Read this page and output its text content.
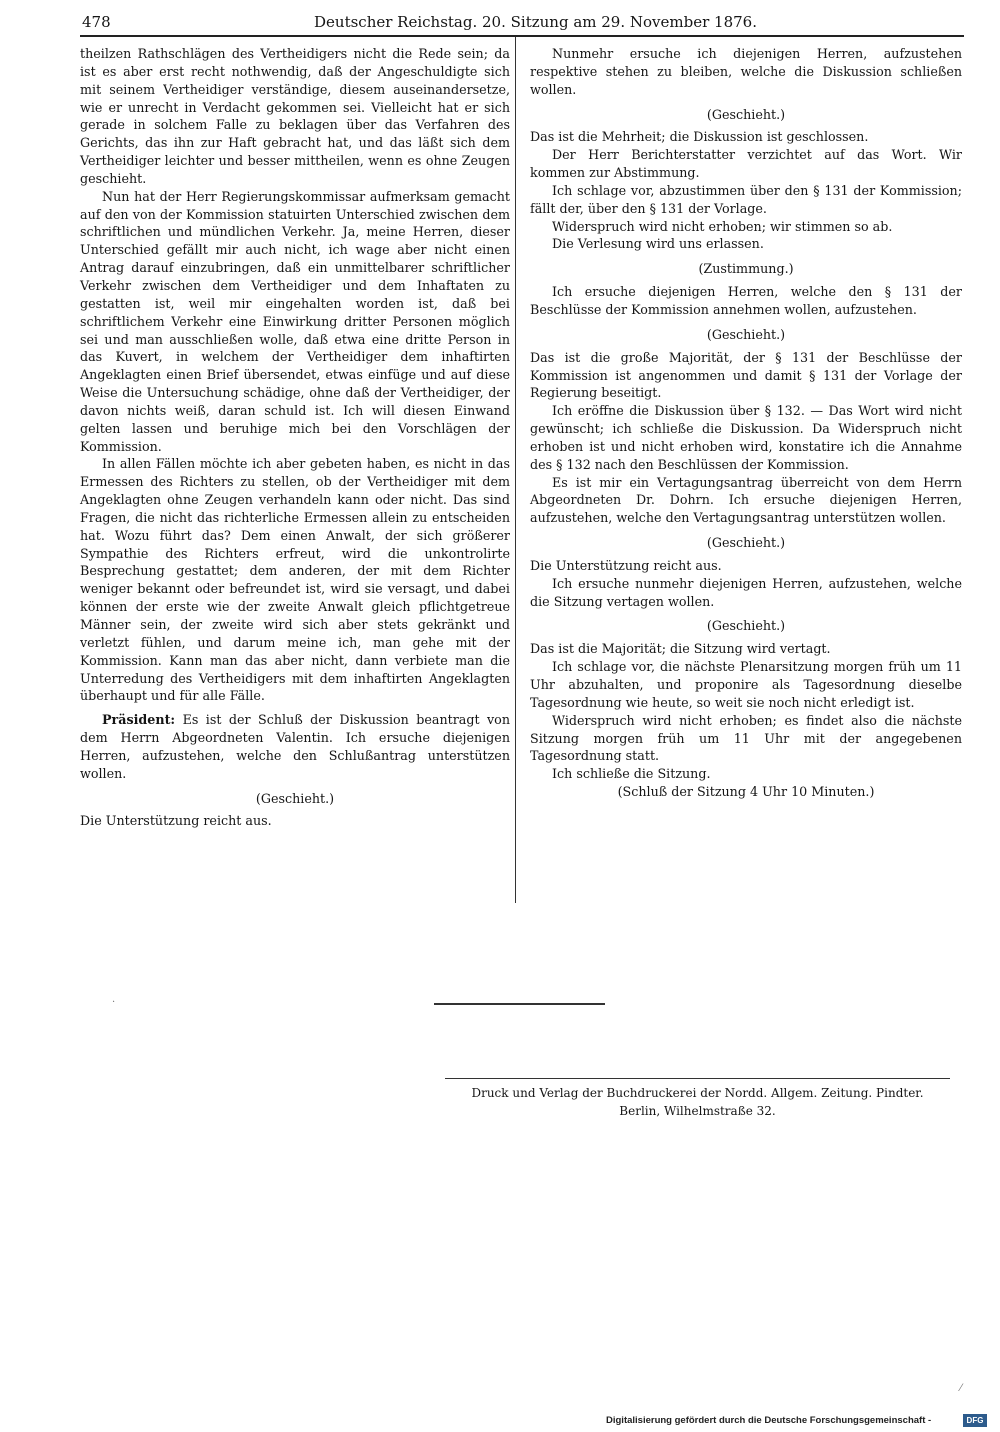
478	Deutscher Reichstag. 20. Sitzung am 29. November 1876.

theilzen Rathschlägen des Vertheidigers nicht die Rede sein; da ist es aber erst recht nothwendig, daß der Angeschuldigte sich mit seinem Vertheidiger verständige, diesem auseinandersetze, wie er unrecht in Verdacht gekommen sei. Vielleicht hat er sich gerade in solchem Falle zu beklagen über das Verfahren des Gerichts, das ihn zur Haft gebracht hat, und das läßt sich dem Vertheidiger leichter und besser mittheilen, wenn es ohne Zeugen geschieht.

Nun hat der Herr Regierungskommissar aufmerksam gemacht auf den von der Kommission statuirten Unterschied zwischen dem schriftlichen und mündlichen Verkehr. Ja, meine Herren, dieser Unterschied gefällt mir auch nicht, ich wage aber nicht einen Antrag darauf einzubringen, daß ein unmittelbarer schriftlicher Verkehr zwischen dem Vertheidiger und dem Inhaftaten zu gestatten ist, weil mir eingehalten worden ist, daß bei schriftlichem Verkehr eine Einwirkung dritter Personen möglich sei und man ausschließen wolle, daß etwa eine dritte Person in das Kuvert, in welchem der Vertheidiger dem inhaftirten Angeklagten einen Brief übersendet, etwas einfüge und auf diese Weise die Untersuchung schädige, ohne daß der Vertheidiger, der davon nichts weiß, daran schuld ist. Ich will diesen Einwand gelten lassen und beruhige mich bei den Vorschlägen der Kommission.

In allen Fällen möchte ich aber gebeten haben, es nicht in das Ermessen des Richters zu stellen, ob der Vertheidiger mit dem Angeklagten ohne Zeugen verhandeln kann oder nicht. Das sind Fragen, die nicht das richterliche Ermessen allein zu entscheiden hat. Wozu führt das? Dem einen Anwalt, der sich größerer Sympathie des Richters erfreut, wird die unkontrolirte Besprechung gestattet; dem anderen, der mit dem Richter weniger bekannt oder befreundet ist, wird sie versagt, und dabei können der erste wie der zweite Anwalt gleich pflichtgetreue Männer sein, der zweite wird sich aber stets gekränkt und verletzt fühlen, und darum meine ich, man gehe mit der Kommission. Kann man das aber nicht, dann verbiete man die Unterredung des Vertheidigers mit dem inhaftirten Angeklagten überhaupt und für alle Fälle.

Präsident: Es ist der Schluß der Diskussion beantragt von dem Herrn Abgeordneten Valentin. Ich ersuche diejenigen Herren, aufzustehen, welche den Schlußantrag unterstützen wollen.

(Geschieht.)

Die Unterstützung reicht aus.

Nunmehr ersuche ich diejenigen Herren, aufzustehen respektive stehen zu bleiben, welche die Diskussion schließen wollen.

(Geschieht.)

Das ist die Mehrheit; die Diskussion ist geschlossen.

Der Herr Berichterstatter verzichtet auf das Wort. Wir kommen zur Abstimmung.

Ich schlage vor, abzustimmen über den § 131 der Kommission; fällt der, über den § 131 der Vorlage.

Widerspruch wird nicht erhoben; wir stimmen so ab.

Die Verlesung wird uns erlassen.

(Zustimmung.)

Ich ersuche diejenigen Herren, welche den § 131 der Beschlüsse der Kommission annehmen wollen, aufzustehen.

(Geschieht.)

Das ist die große Majorität, der § 131 der Beschlüsse der Kommission ist angenommen und damit § 131 der Vorlage der Regierung beseitigt.

Ich eröffne die Diskussion über § 132. — Das Wort wird nicht gewünscht; ich schließe die Diskussion. Da Widerspruch nicht erhoben ist und nicht erhoben wird, konstatire ich die Annahme des § 132 nach den Beschlüssen der Kommission.

Es ist mir ein Vertagungsantrag überreicht von dem Herrn Abgeordneten Dr. Dohrn. Ich ersuche diejenigen Herren, aufzustehen, welche den Vertagungsantrag unterstützen wollen.

(Geschieht.)

Die Unterstützung reicht aus.

Ich ersuche nunmehr diejenigen Herren, aufzustehen, welche die Sitzung vertagen wollen.

(Geschieht.)

Das ist die Majorität; die Sitzung wird vertagt.

Ich schlage vor, die nächste Plenarsitzung morgen früh um 11 Uhr abzuhalten, und proponire als Tagesordnung dieselbe Tagesordnung wie heute, so weit sie noch nicht erledigt ist.

Widerspruch wird nicht erhoben; es findet also die nächste Sitzung morgen früh um 11 Uhr mit der angegebenen Tagesordnung statt.

Ich schließe die Sitzung.

(Schluß der Sitzung 4 Uhr 10 Minuten.)

·
⁄

Druck und Verlag der Buchdruckerei der Nordd. Allgem. Zeitung. Pindter.

Berlin, Wilhelmstraße 32.

Digitalisierung gefördert durch die Deutsche Forschungsgemeinschaft -	DFG
